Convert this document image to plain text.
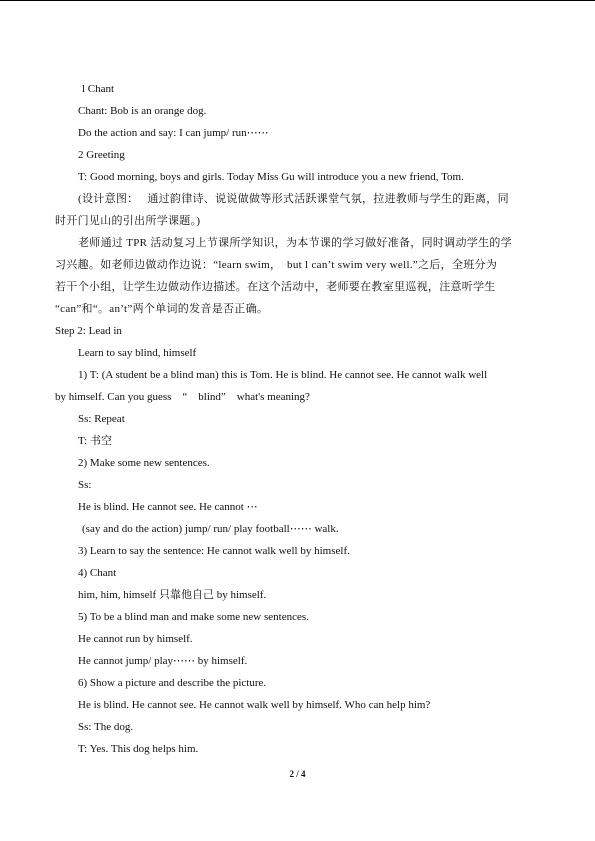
l Chant
Chant: Bob is an orange dog.
Do the action and say: I can jump/ run⋯⋯
2 Greeting
T: Good morning, boys and girls. Today Miss Gu will introduce you a new friend, Tom.
(设计意图：　 通过韵律诗、说说做做等形式活跃课堂气氛，拉进教师与学生的距离，同
时开门见山的引出所学课题。)
老师通过 TPR 活动复习上节课所学知识，为本节课的学习做好准备，同时调动学生的学
习兴趣。如老师边做动作边说：“learn swim，　but l can’t swim very well.”之后，全班分为
若干个小组，让学生边做动作边描述。在这个活动中，老师要在教室里巡视，注意听学生
“can”和“。an’t”两个单词的发音是否正确。
Step 2: Lead in
Learn to say blind, himself
1) T: (A student be a blind man) this is Tom. He is blind. He cannot see. He cannot walk well
by himself. Can you guess　“　blind”　what's meaning?
Ss: Repeat
T: 书空
2) Make some new sentences.
Ss:
He is blind. He cannot see. He cannot ⋯
(say and do the action) jump/ run/ play football⋯⋯ walk.
3) Learn to say the sentence: He cannot walk well by himself.
4) Chant
him, him, himself 只靠他自己 by himself.
5) To be a blind man and make some new sentences.
He cannot run by himself.
He cannot jump/ play⋯⋯ by himself.
6) Show a picture and describe the picture.
He is blind. He cannot see. He cannot walk well by himself. Who can help him?
Ss: The dog.
T: Yes. This dog helps him.
2 / 4
